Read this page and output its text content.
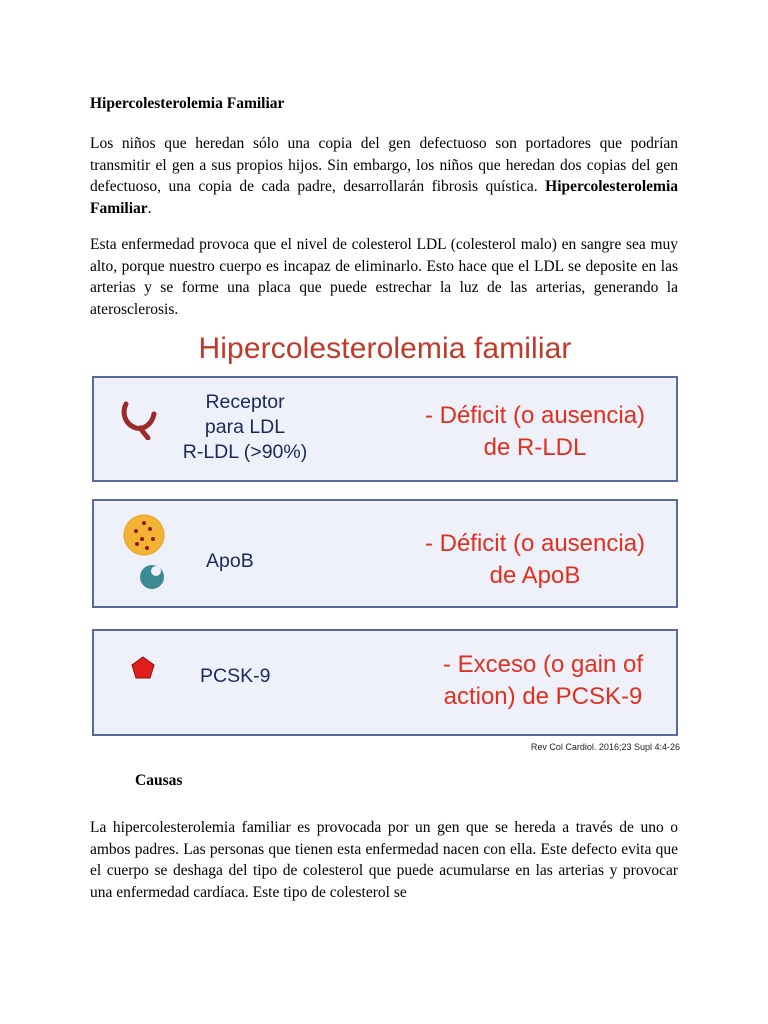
Hipercolesterolemia Familiar

Los niños que heredan sólo una copia del gen defectuoso son portadores que podrían transmitir el gen a sus propios hijos. Sin embargo, los niños que heredan dos copias del gen defectuoso, una copia de cada padre, desarrollarán fibrosis quística. Hipercolesterolemia Familiar.

Esta enfermedad provoca que el nivel de colesterol LDL (colesterol malo) en sangre sea muy alto, porque nuestro cuerpo es incapaz de eliminarlo. Esto hace que el LDL se deposite en las arterias y se forme una placa que puede estrechar la luz de las arterias, generando la aterosclerosis.

Hipercolesterolemia familiar
Receptor
para LDL
R-LDL (>90%)
- Déficit (o ausencia)
de R-LDL
ApoB
- Déficit (o ausencia)
de ApoB
PCSK-9	- Exceso (o gain of
action) de PCSK-9
Rev Col Cardiol. 2016;23 Supl 4:4-26
Causas

La hipercolesterolemia familiar es provocada por un gen que se hereda a través de uno o ambos padres. Las personas que tienen esta enfermedad nacen con ella. Este defecto evita que el cuerpo se deshaga del tipo de colesterol que puede acumularse en las arterias y provocar una enfermedad cardíaca. Este tipo de colesterol se
